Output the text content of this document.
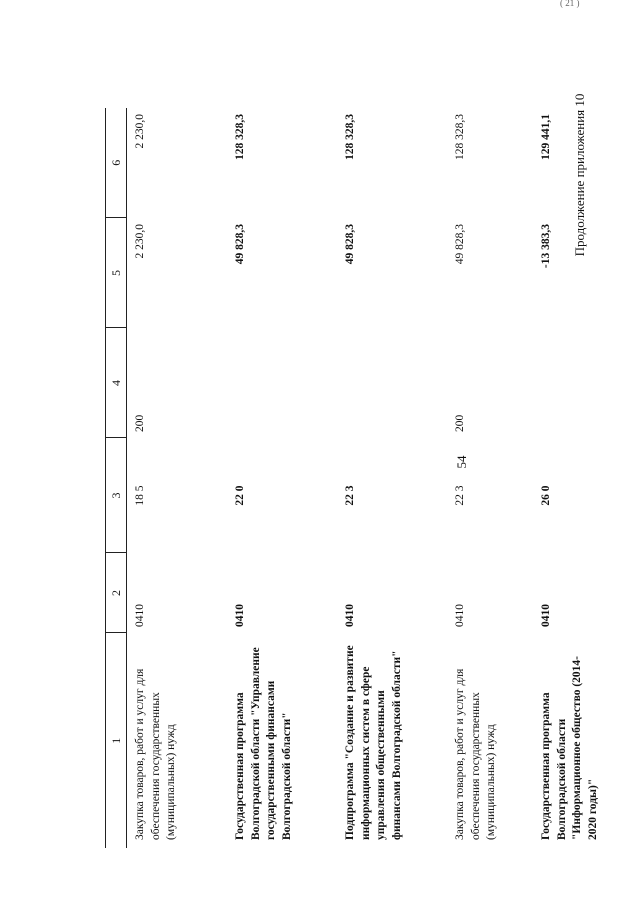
( 21 )
Продолжение приложения 10
54
1	2	3	4	5	6
Закупка товаров, работ и услуг для обеспечения государственных (муниципальных) нужд	0410	18 5	200	2 230,0	2 230,0
Государственная программа Волгоградской области "Управление государственными финансами Волгоградской области"	0410	22 0		49 828,3	128 328,3
Подпрограмма "Создание и развитие информационных систем в сфере управления общественными финансами Волгоградской области"	0410	22 3		49 828,3	128 328,3
Закупка товаров, работ и услуг для обеспечения государственных (муниципальных) нужд	0410	22 3	200	49 828,3	128 328,3
Государственная программа Волгоградской области "Информационное общество (2014-2020 годы)"	0410	26 0		-13 383,3	129 441,1
